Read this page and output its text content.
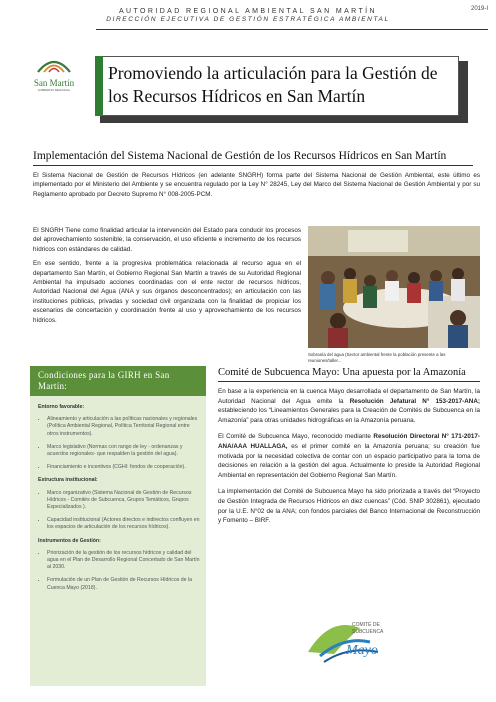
2019-I
AUTORIDAD REGIONAL AMBIENTAL SAN MARTÍN
DIRECCIÓN EJECUTIVA DE GESTIÓN ESTRATÉGICA AMBIENTAL
San Martín
GOBIERNO REGIONAL
Promoviendo la articulación para la Gestión de los Recursos Hídricos en San Martín
Implementación del Sistema Nacional de Gestión de los Recursos Hídricos en San Martín

El Sistema Nacional de Gestión de Recursos Hídricos (en adelante SNGRH) forma parte del Sistema Nacional de Gestión Ambiental, este último es implementado por el Ministerio del Ambiente y se encuentra regulado por la Ley N° 28245, Ley del Marco del Sistema Nacional de Gestión Ambiental y por su Reglamento aprobado por Decreto Supremo N° 008-2005-PCM.

El SNGRH Tiene como finalidad articular la intervención del Estado para conducir los procesos del aprovechamiento sostenible, la conservación, el uso eficiente e incremento de los recursos hídricos con estándares de calidad.

En ese sentido, frente a la progresiva problemática relacionada al recurso agua en el departamento San Martín, el Gobierno Regional San Martín a través de su Autoridad Regional Ambiental ha impulsado acciones coordinadas con el ente rector de recursos hídricos, Autoridad Nacional del Agua (ANA y sus órganos desconcentrados); en articulación con las instituciones públicas, privadas y sociedad civil organizada con la finalidad de propiciar los escenarios de concertación y coordinación frente al uso y aprovechamiento de los recursos hídricos.

Sobranía del agua (Sector ambiental frente la población presente a las reuniones/taller...
Condiciones para la GIRH en San Martín:
Entorno favorable:
• Alineamiento y articulación a las políticas nacionales y regionales (Política Ambiental Regional, Política Territorial Regional entre otros instrumentos).
• Marco legislativo (Normas con rango de ley - ordenanzas y acuerdos regionales- que respalden la gestión del agua).
• Financiamiento e incentivos (CGHI: fondos de cooperación).
Estructura institucional:
• Marco organizativo (Sistema Nacional de Gestión de Recursos Hídricos - Comités de Subcuenca, Grupos Temáticos, Grupos Especializados ).
• Capacidad institucional (Actores directos e indirectos confluyen en los espacios de articulación de los recursos hídricos).
Instrumentos de Gestión:
• Priorización de la gestión de los recursos hídricos y calidad del agua en el Plan de Desarrollo Regional Concertado de San Martín al 2030.
• Formulación de un Plan de Gestión de Recursos Hídricos de la Cuenca Mayo (2018).
Comité de Subcuenca Mayo: Una apuesta por la Amazonía

En base a la experiencia en la cuenca Mayo desarrollada el departamento de San Martín, la Autoridad Nacional del Agua emite la Resolución Jefatural N° 153-2017-ANA; estableciendo los “Lineamientos Generales para la Creación de Comités de Subcuenca en la Amazonía” para otras unidades hidrográficas en la Amazonía peruana.

El Comité de Subcuenca Mayo, reconocido mediante Resolución Directoral N° 171-2017-ANA/AAA HUALLAGA, es el primer comité en la Amazonía peruana; su creación fue motivada por la necesidad colectiva de contar con un espacio participativo para la toma de decisiones en relación a la gestión del agua. Actualmente lo preside la Autoridad Regional Ambiental en representación del Gobierno Regional San Martín.

La implementación del Comité de Subcuenca Mayo ha sido priorizada a través del “Proyecto de Gestión Integrada de Recursos Hídricos en diez cuencas” (Cód. SNIP 302861), ejecutado por la U.E. N°02 de la ANA; con fondos parciales del Banco Internacional de Reconstrucción y Fomento – BIRF.

COMITÉ DE
SUBCUENCA
Mayo
